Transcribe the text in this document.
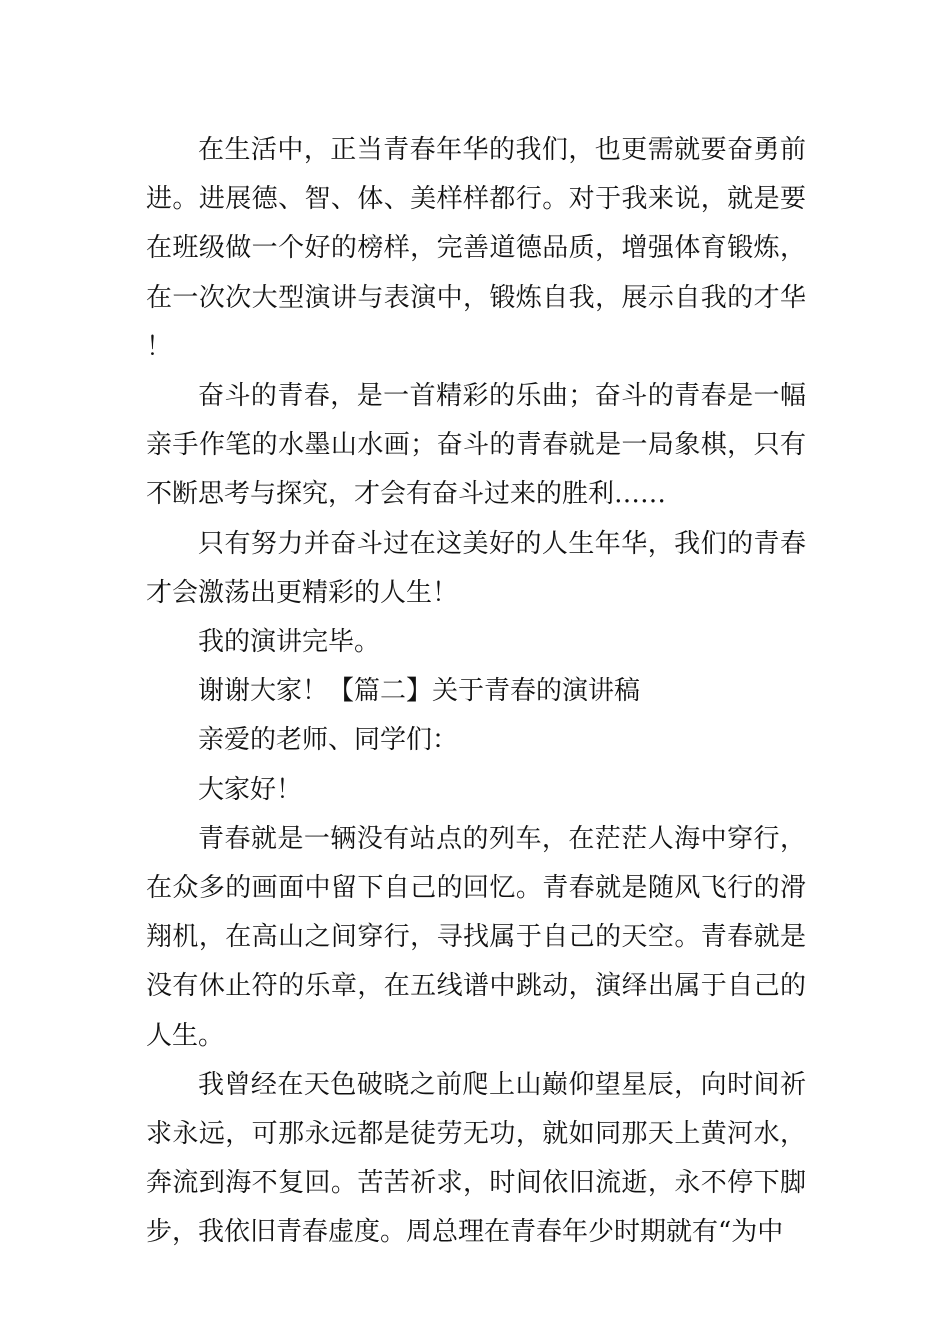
在生活中，正当青春年华的我们，也更需就要奋勇前进。进展德、智、体、美样样都行。对于我来说，就是要在班级做一个好的榜样，完善道德品质，增强体育锻炼，在一次次大型演讲与表演中，锻炼自我，展示自我的才华！

奋斗的青春，是一首精彩的乐曲；奋斗的青春是一幅亲手作笔的水墨山水画；奋斗的青春就是一局象棋，只有不断思考与探究，才会有奋斗过来的胜利……

只有努力并奋斗过在这美好的人生年华，我们的青春才会激荡出更精彩的人生！

我的演讲完毕。

谢谢大家！【篇二】关于青春的演讲稿

亲爱的老师、同学们：

大家好！

青春就是一辆没有站点的列车，在茫茫人海中穿行，在众多的画面中留下自己的回忆。青春就是随风飞行的滑翔机，在高山之间穿行，寻找属于自己的天空。青春就是没有休止符的乐章，在五线谱中跳动，演绎出属于自己的人生。

我曾经在天色破晓之前爬上山巅仰望星辰，向时间祈求永远，可那永远都是徒劳无功，就如同那天上黄河水，奔流到海不复回。苦苦祈求，时间依旧流逝，永不停下脚步，我依旧青春虚度。周总理在青春年少时期就有“为中
